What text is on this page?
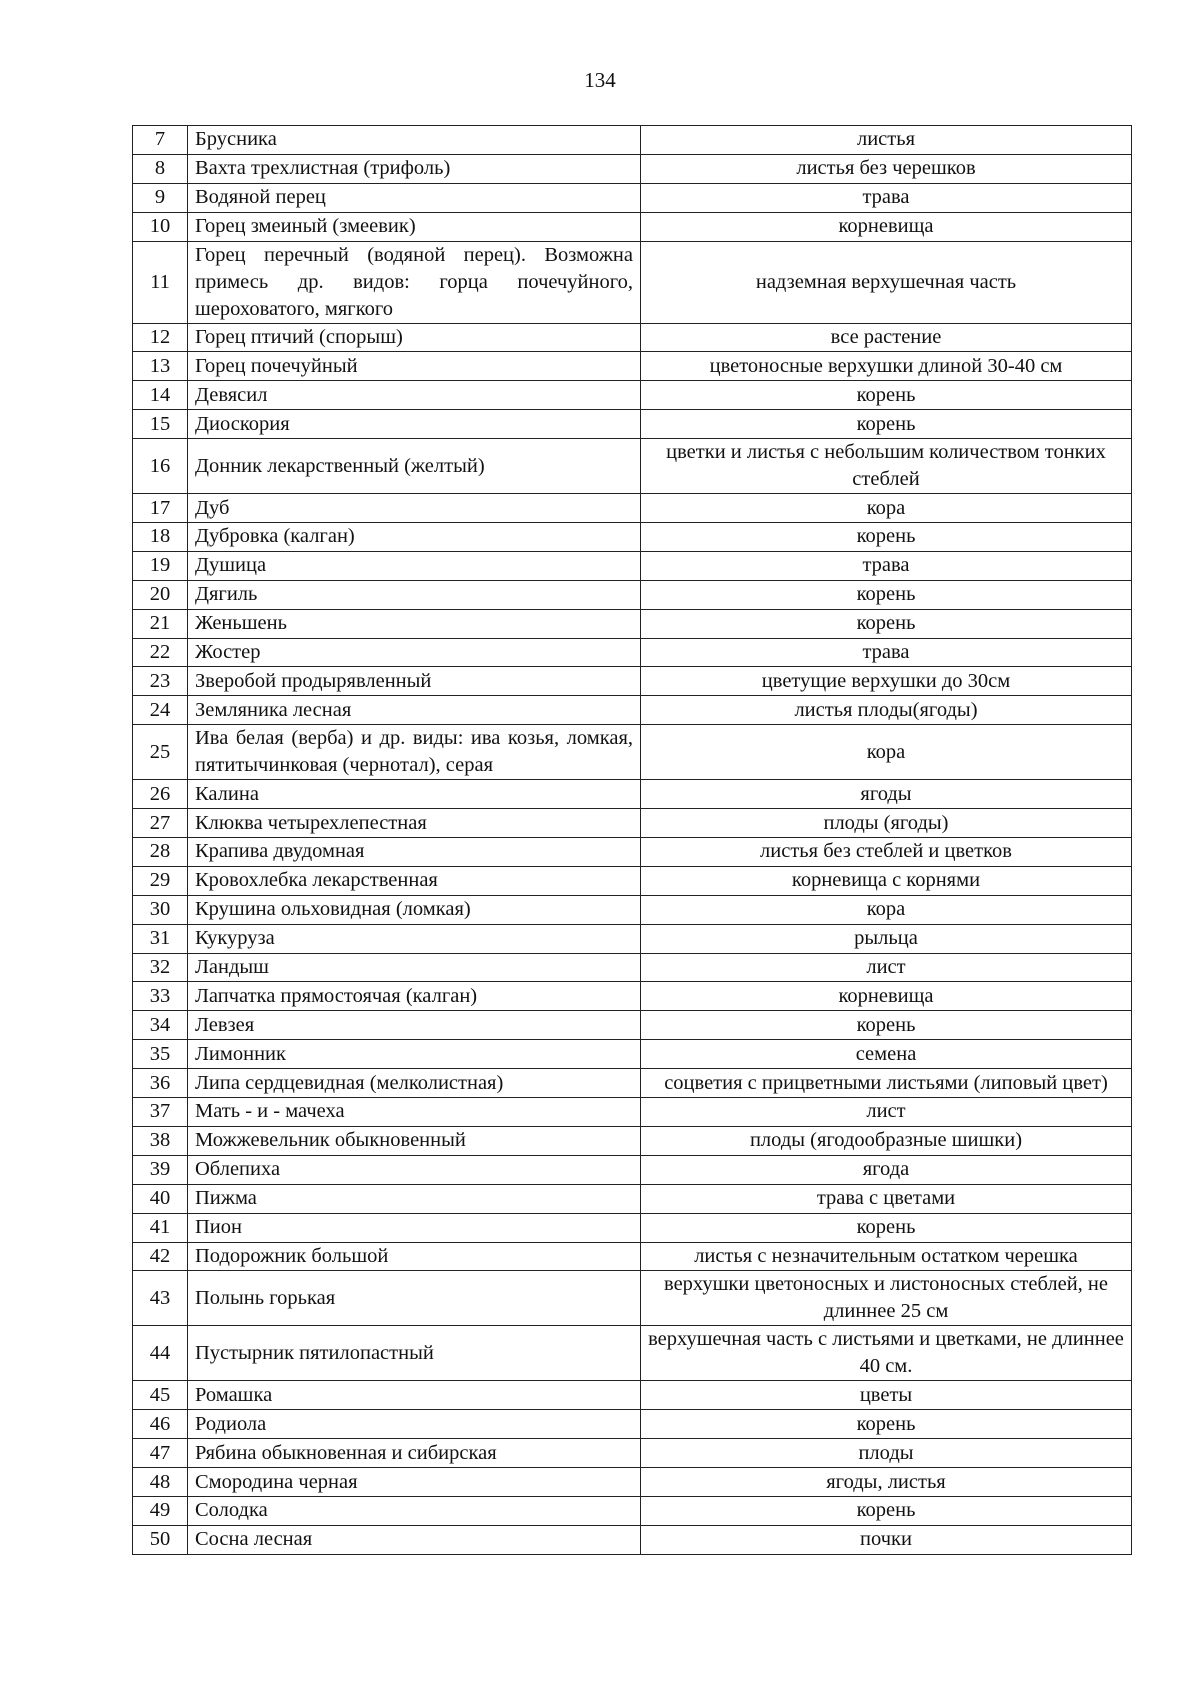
134
7	Брусника	листья
8	Вахта трехлистная (трифоль)	листья без черешков
9	Водяной перец	трава
10	Горец змеиный (змеевик)	корневища
11	Горец перечный (водяной перец). Возможна примесь др. видов: горца почечуйного, шероховатого, мягкого	надземная верхушечная часть
12	Горец птичий (спорыш)	все растение
13	Горец почечуйный	цветоносные верхушки длиной 30-40 см
14	Девясил	корень
15	Диоскория	корень
16	Донник лекарственный (желтый)	цветки и листья с небольшим количеством тонких стеблей
17	Дуб	кора
18	Дубровка (калган)	корень
19	Душица	трава
20	Дягиль	корень
21	Женьшень	корень
22	Жостер	трава
23	Зверобой продырявленный	цветущие верхушки до 30см
24	Земляника лесная	листья плоды(ягоды)
25	Ива белая (верба) и др. виды: ива козья, ломкая, пятитычинковая (чернотал), серая	кора
26	Калина	ягоды
27	Клюква четырехлепестная	плоды (ягоды)
28	Крапива двудомная	листья без стеблей и цветков
29	Кровохлебка лекарственная	корневища с корнями
30	Крушина ольховидная (ломкая)	кора
31	Кукуруза	рыльца
32	Ландыш	лист
33	Лапчатка прямостоячая (калган)	корневища
34	Левзея	корень
35	Лимонник	семена
36	Липа сердцевидная (мелколистная)	соцветия с прицветными листьями (липовый цвет)
37	Мать - и - мачеха	лист
38	Можжевельник обыкновенный	плоды (ягодообразные шишки)
39	Облепиха	ягода
40	Пижма	трава с цветами
41	Пион	корень
42	Подорожник большой	листья с незначительным остатком черешка
43	Полынь горькая	верхушки цветоносных и листоносных стеблей, не длиннее 25 см
44	Пустырник пятилопастный	верхушечная часть с листьями и цветками, не длиннее 40 см.
45	Ромашка	цветы
46	Родиола	корень
47	Рябина обыкновенная и сибирская	плоды
48	Смородина черная	ягоды, листья
49	Солодка	корень
50	Сосна лесная	почки
